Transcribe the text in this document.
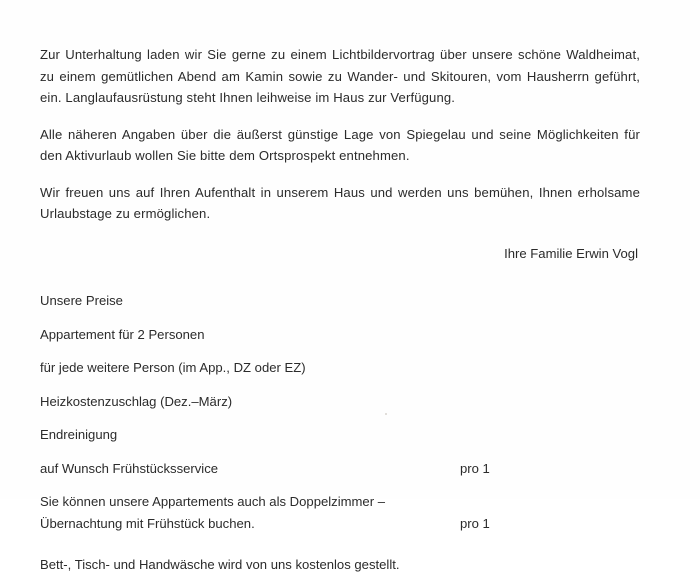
Zur Unterhaltung laden wir Sie gerne zu einem Lichtbildervortrag über unsere schöne Waldheimat, zu einem gemütlichen Abend am Kamin sowie zu Wander- und Skitouren, vom Hausherrn geführt, ein. Langlaufausrüstung steht Ihnen leihweise im Haus zur Verfügung.

Alle näheren Angaben über die äußerst günstige Lage von Spiegelau und seine Möglichkeiten für den Aktivurlaub wollen Sie bitte dem Ortsprospekt entnehmen.

Wir freuen uns auf Ihren Aufenthalt in unserem Haus und werden uns bemühen, Ihnen erholsame Urlaubstage zu ermöglichen.

Ihre Familie Erwin Vogl
Unsere Preise
Appartement für 2 Personen
für jede weitere Person (im App., DZ oder EZ)
Heizkostenzuschlag (Dez.–März)
Endreinigung
auf Wunsch Frühstücksservice	pro 1
Sie können unsere Appartements auch als Doppelzimmer – Übernachtung mit Frühstück buchen.	pro 1
Bett-, Tisch- und Handwäsche wird von uns kostenlos gestellt.
